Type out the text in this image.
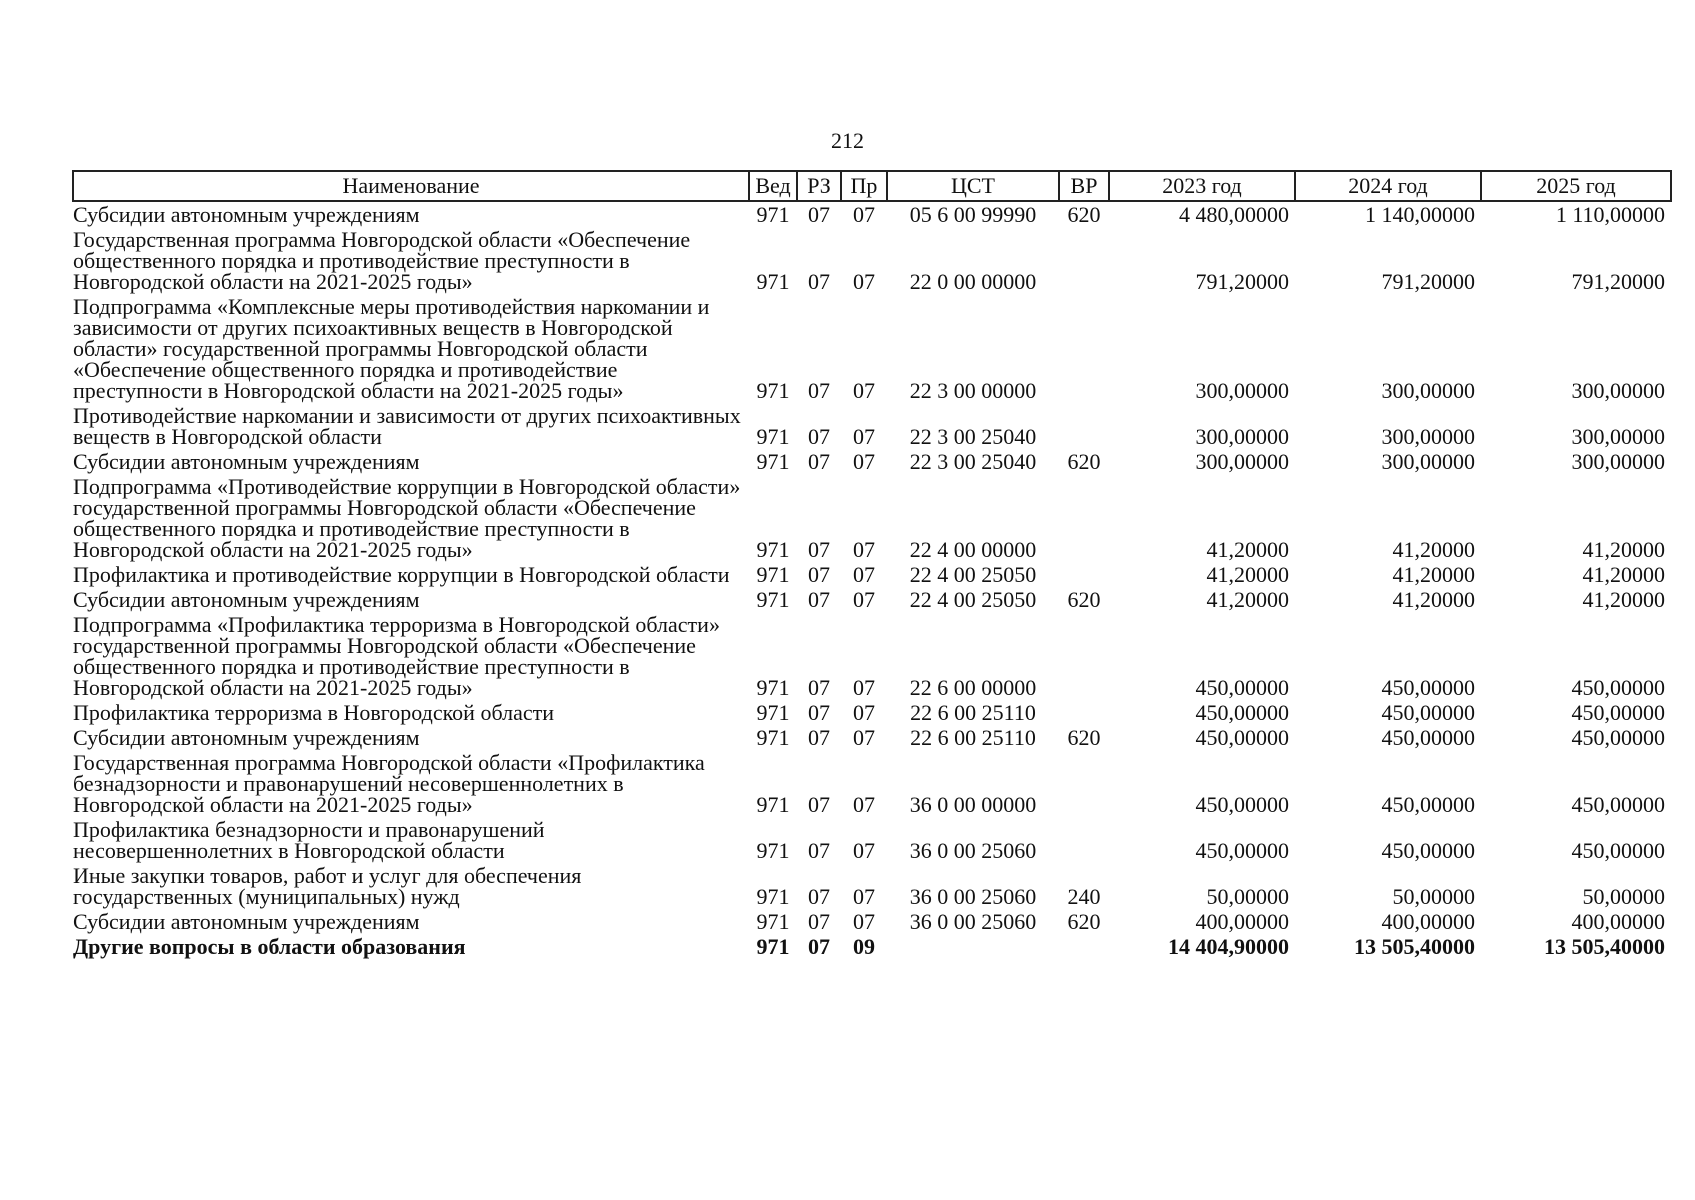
212
Наименование	Вед	РЗ	Пр	ЦСТ	ВР	2023 год	2024 год	2025 год
Субсидии автономным учреждениям	971	07	07	05 6 00 99990	620	4 480,00000	1 140,00000	1 110,00000
Государственная программа Новгородской области «Обеспечение общественного порядка и противодействие преступности в Новгородской области на 2021-2025 годы»	971	07	07	22 0 00 00000		791,20000	791,20000	791,20000
Подпрограмма «Комплексные меры противодействия наркомании и зависимости от других психоактивных веществ в Новгородской области» государственной программы Новгородской области «Обеспечение общественного порядка и противодействие преступности в Новгородской области на 2021-2025 годы»	971	07	07	22 3 00 00000		300,00000	300,00000	300,00000
Противодействие наркомании и зависимости от других психоактивных веществ в Новгородской области	971	07	07	22 3 00 25040		300,00000	300,00000	300,00000
Субсидии автономным учреждениям	971	07	07	22 3 00 25040	620	300,00000	300,00000	300,00000
Подпрограмма «Противодействие коррупции в Новгородской области» государственной программы Новгородской области «Обеспечение общественного порядка и противодействие преступности в Новгородской области на 2021-2025 годы»	971	07	07	22 4 00 00000		41,20000	41,20000	41,20000
Профилактика и противодействие коррупции в Новгородской области	971	07	07	22 4 00 25050		41,20000	41,20000	41,20000
Субсидии автономным учреждениям	971	07	07	22 4 00 25050	620	41,20000	41,20000	41,20000
Подпрограмма «Профилактика терроризма в Новгородской области» государственной программы Новгородской области «Обеспечение общественного порядка и противодействие преступности в Новгородской области на 2021-2025 годы»	971	07	07	22 6 00 00000		450,00000	450,00000	450,00000
Профилактика терроризма в Новгородской области	971	07	07	22 6 00 25110		450,00000	450,00000	450,00000
Субсидии автономным учреждениям	971	07	07	22 6 00 25110	620	450,00000	450,00000	450,00000
Государственная программа Новгородской области «Профилактика безнадзорности и правонарушений несовершеннолетних в Новгородской области на 2021-2025 годы»	971	07	07	36 0 00 00000		450,00000	450,00000	450,00000
Профилактика безнадзорности и правонарушений несовершеннолетних в Новгородской области	971	07	07	36 0 00 25060		450,00000	450,00000	450,00000
Иные закупки товаров, работ и услуг для обеспечения государственных (муниципальных) нужд	971	07	07	36 0 00 25060	240	50,00000	50,00000	50,00000
Субсидии автономным учреждениям	971	07	07	36 0 00 25060	620	400,00000	400,00000	400,00000
Другие вопросы в области образования	971	07	09			14 404,90000	13 505,40000	13 505,40000
